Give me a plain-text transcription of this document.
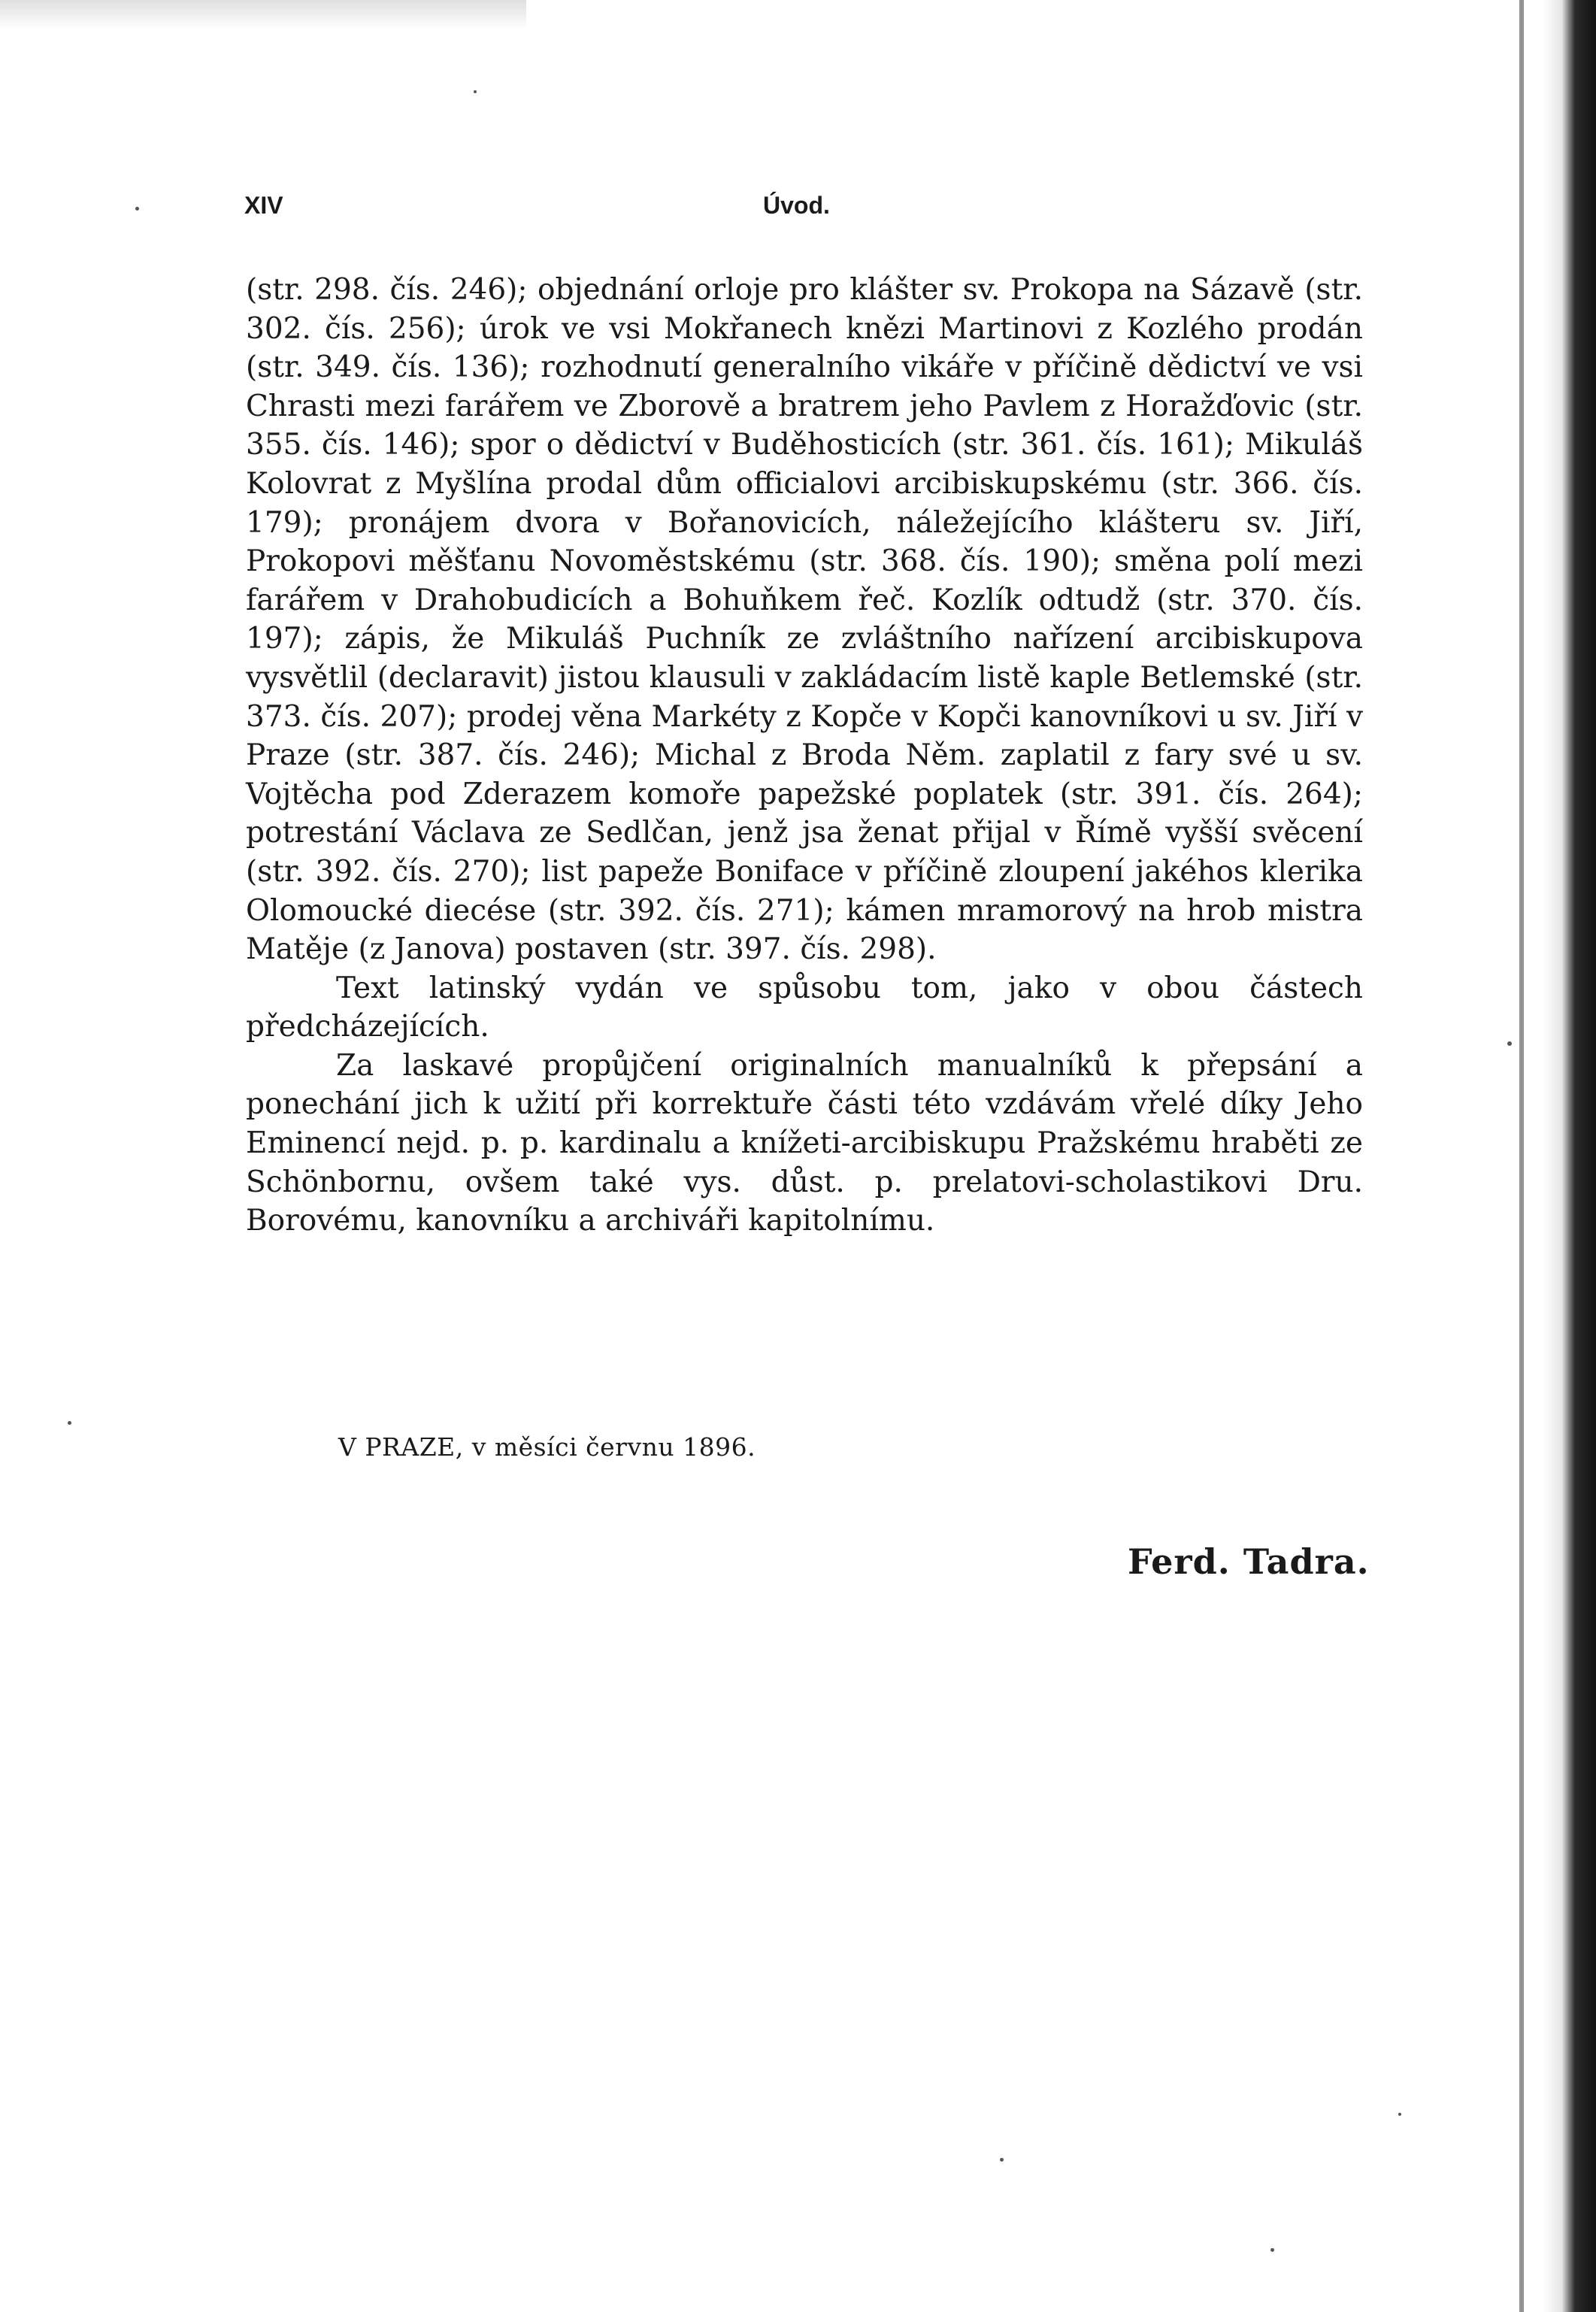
XIV	Úvod.

(str. 298. čís. 246); objednání orloje pro klášter sv. Prokopa na Sázavě (str. 302. čís. 256); úrok ve vsi Mokřanech knězi Martinovi z Kozlého prodán (str. 349. čís. 136); rozhodnutí generalního vikáře v příčině dědictví ve vsi Chrasti mezi farářem ve Zborově a bratrem jeho Pavlem z Horažďovic (str. 355. čís. 146); spor o dědictví v Buděhosticích (str. 361. čís. 161); Mikuláš Kolovrat z Myšlína prodal dům officialovi arcibiskupskému (str. 366. čís. 179); pronájem dvora v Bořanovicích, náležejícího klášteru sv. Jiří, Prokopovi měšťanu Novoměstskému (str. 368. čís. 190); směna polí mezi farářem v Drahobudicích a Bohuňkem řeč. Kozlík odtudž (str. 370. čís. 197); zápis, že Mikuláš Puchník ze zvláštního nařízení arcibiskupova vysvětlil (declaravit) jistou klausuli v zakládacím listě kaple Betlemské (str. 373. čís. 207); prodej věna Markéty z Kopče v Kopči kanovníkovi u sv. Jiří v Praze (str. 387. čís. 246); Michal z Broda Něm. zaplatil z fary své u sv. Vojtěcha pod Zderazem komoře papežské poplatek (str. 391. čís. 264); potrestání Václava ze Sedlčan, jenž jsa ženat přijal v Římě vyšší svěcení (str. 392. čís. 270); list papeže Boniface v příčině zloupení jakéhos klerika Olomoucké diecése (str. 392. čís. 271); kámen mramorový na hrob mistra Matěje (z Janova) postaven (str. 397. čís. 298).

Text latinský vydán ve spůsobu tom, jako v obou částech předcházejících.

Za laskavé propůjčení originalních manualníků k přepsání a ponechání jich k užití při korrektuře části této vzdávám vřelé díky Jeho Eminencí nejd. p. p. kardinalu a knížeti-arcibiskupu Pražskému hraběti ze Schönbornu, ovšem také vys. důst. p. prelatovi-scholastikovi Dru. Borovému, kanovníku a archiváři kapitolnímu.

V PRAZE, v měsíci červnu 1896.
Ferd. Tadra.
